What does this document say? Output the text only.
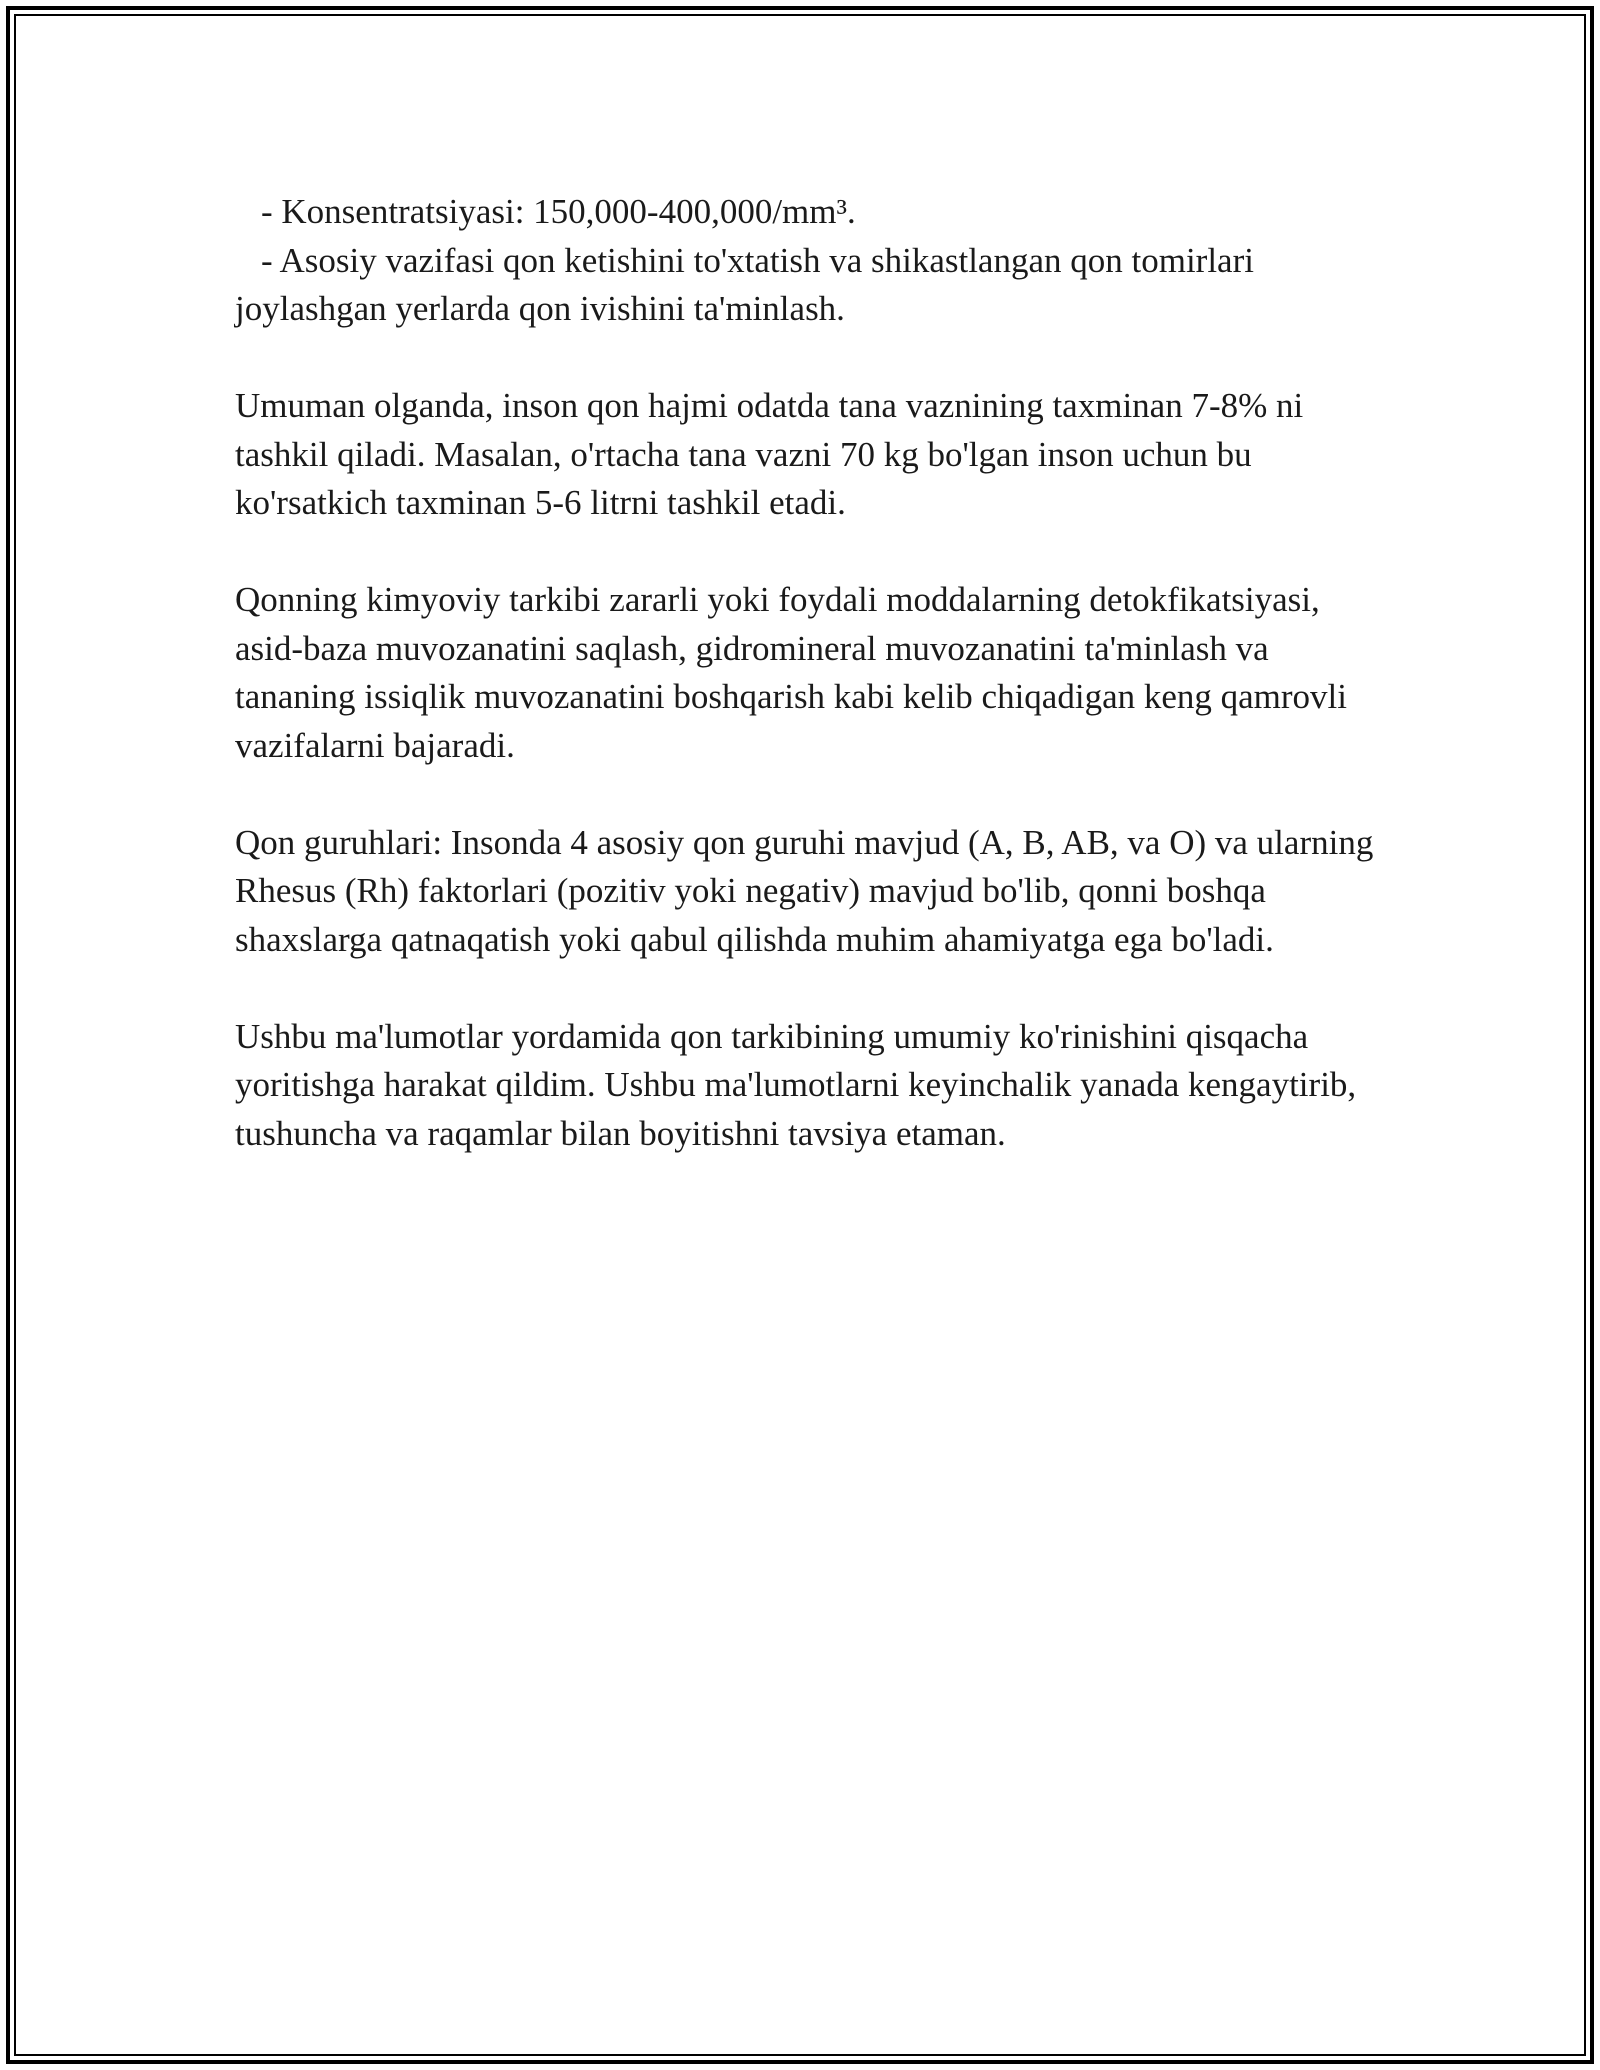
- Konsentratsiyasi: 150,000-400,000/mm³.
- Asosiy vazifasi qon ketishini to'xtatish va shikastlangan qon tomirlari
joylashgan yerlarda qon ivishini ta'minlash.

Umuman olganda, inson qon hajmi odatda tana vaznining taxminan 7-8% ni tashkil qiladi. Masalan, o'rtacha tana vazni 70 kg bo'lgan inson uchun bu ko'rsatkich taxminan 5-6 litrni tashkil etadi.

Qonning kimyoviy tarkibi zararli yoki foydali moddalarning detokfikatsiyasi, asid-baza muvozanatini saqlash, gidromineral muvozanatini ta'minlash va tananing issiqlik muvozanatini boshqarish kabi kelib chiqadigan keng qamrovli vazifalarni bajaradi.

Qon guruhlari: Insonda 4 asosiy qon guruhi mavjud (A, B, AB, va O) va ularning Rhesus (Rh) faktorlari (pozitiv yoki negativ) mavjud bo'lib, qonni boshqa shaxslarga qatnaqatish yoki qabul qilishda muhim ahamiyatga ega bo'ladi.

Ushbu ma'lumotlar yordamida qon tarkibining umumiy ko'rinishini qisqacha yoritishga harakat qildim. Ushbu ma'lumotlarni keyinchalik yanada kengaytirib, tushuncha va raqamlar bilan boyitishni tavsiya etaman.
